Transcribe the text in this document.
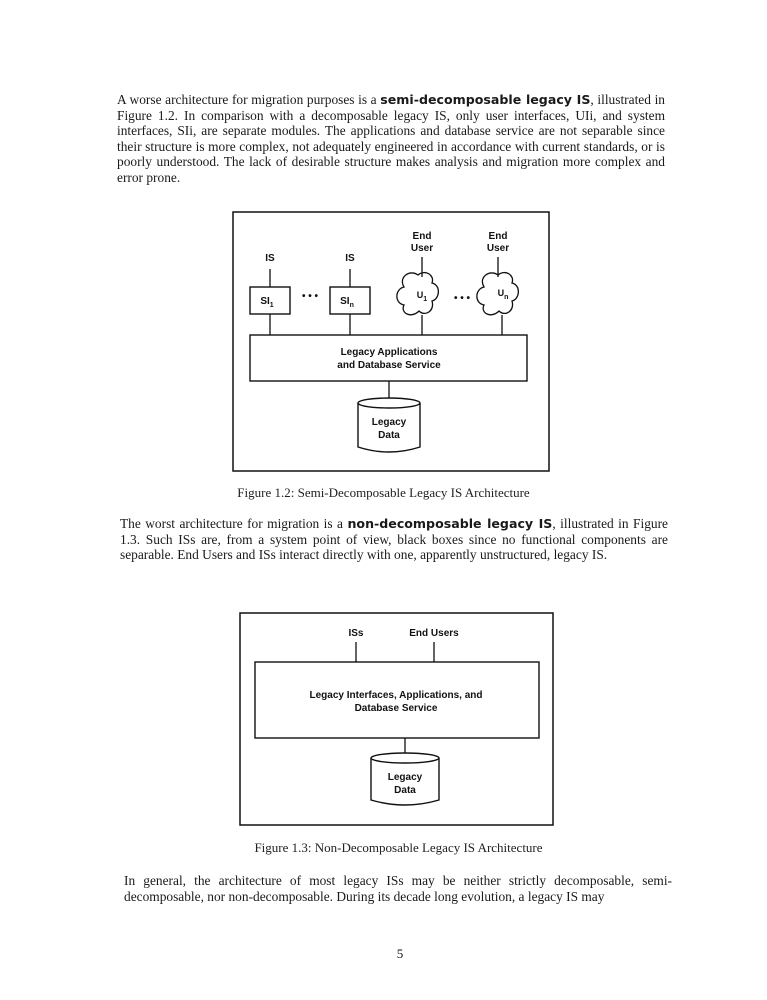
A worse architecture for migration purposes is a semi-decomposable legacy IS, illustrated in Figure 1.2. In comparison with a decomposable legacy IS, only user interfaces, UIi, and system interfaces, SIi, are separate modules. The applications and database service are not separable since their structure is more complex, not adequately engineered in accordance with current standards, or is poorly understood. The lack of desirable structure makes analysis and migration more complex and error prone.
IS	IS
End
User
End
User
$SI_1$	$SI_n$
• • •	$U_1$
$U_n$
• • •
Legacy Applications
and Database Service
Legacy
Data
Figure 1.2: Semi-Decomposable Legacy IS Architecture
The worst architecture for migration is a non-decomposable legacy IS, illustrated in Figure 1.3. Such ISs are, from a system point of view, black boxes since no functional components are separable. End Users and ISs interact directly with one, apparently unstructured, legacy IS.
ISs	End Users
Legacy Interfaces, Applications, and
Database Service
Legacy
Data
Figure 1.3: Non-Decomposable Legacy IS Architecture
In general, the architecture of most legacy ISs may be neither strictly decomposable, semi-decomposable, nor non-decomposable. During its decade long evolution, a legacy IS may
5
